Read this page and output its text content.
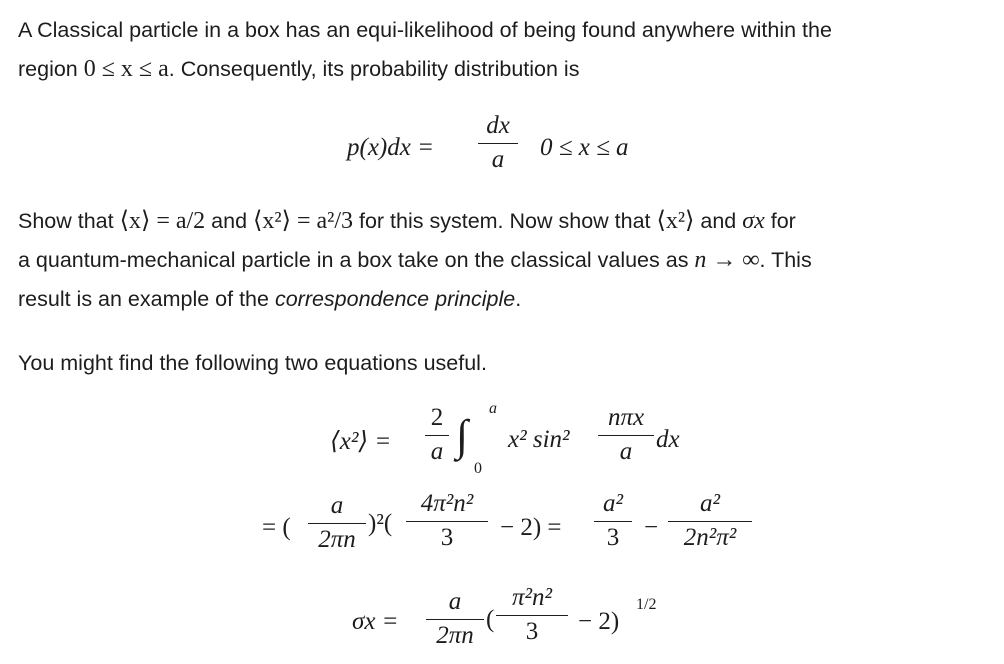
A Classical particle in a box has an equi-likelihood of being found anywhere within the
region 0 ≤ x ≤ a. Consequently, its probability distribution is
p(x)dx =
dx
a	0 ≤ x ≤ a
Show that ⟨x⟩ = a/2 and ⟨x²⟩ = a²/3 for this system. Now show that ⟨x²⟩ and σx for
a quantum-mechanical particle in a box take on the classical values as n → ∞. This
result is an example of the correspondence principle.
You might find the following two equations useful.
⟨x²⟩ =
2
a ∫
a
0
x² sin²
nπx
a dx
= (
a
2πn
)²(
4π²n²
3	− 2) =
a²
3 −
a²
2n²π²
σx =
a
2πn
(
π²n²
3	− 2)
1/2
